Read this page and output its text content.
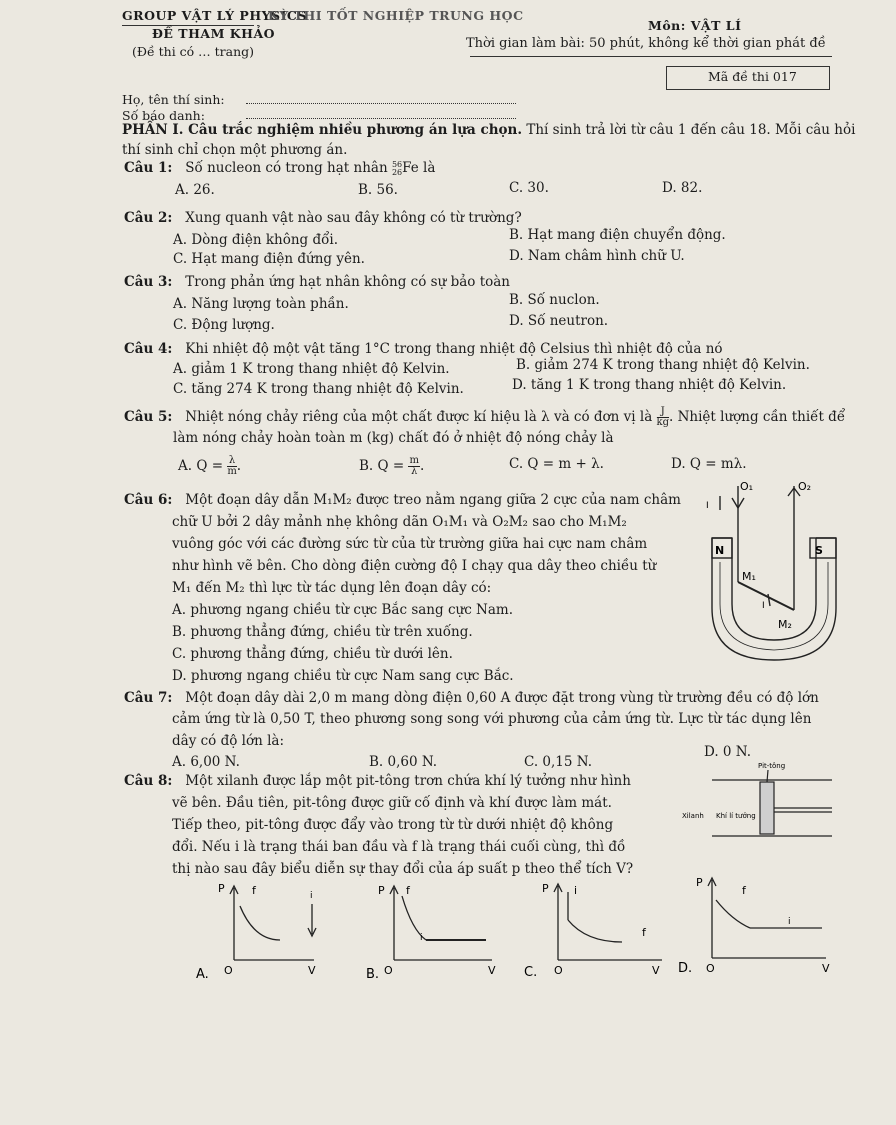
GROUP VẬT LÝ PHYSICS
KỲ THI TỐT NGHIỆP TRUNG HỌC
Môn: VẬT LÍ
ĐỀ THAM KHẢO
(Đề thi có … trang)
Thời gian làm bài: 50 phút, không kể thời gian phát đề
Mã đề thi 017
Họ, tên thí sinh:
Số báo danh:
PHẦN I. Câu trắc nghiệm nhiều phương án lựa chọn. Thí sinh trả lời từ câu 1 đến câu 18. Mỗi câu hỏi
thí sinh chỉ chọn một phương án.
Câu 1: Số nucleon có trong hạt nhân 56
26 Fe là
A. 26.	B. 56.	C. 30.	D. 82.
Câu 2: Xung quanh vật nào sau đây không có từ trường?
A. Dòng điện không đổi.	B. Hạt mang điện chuyển động.
C. Hạt mang điện đứng yên.	D. Nam châm hình chữ U.
Câu 3: Trong phản ứng hạt nhân không có sự bảo toàn
A. Năng lượng toàn phần.	B. Số nuclon.
C. Động lượng.	D. Số neutron.
Câu 4: Khi nhiệt độ một vật tăng 1°C trong thang nhiệt độ Celsius thì nhiệt độ của nó
A. giảm 1 K trong thang nhiệt độ Kelvin.	B. giảm 274 K trong thang nhiệt độ Kelvin.
C. tăng 274 K trong thang nhiệt độ Kelvin.	D. tăng 1 K trong thang nhiệt độ Kelvin.
Câu 5: Nhiệt nóng chảy riêng của một chất được kí hiệu là λ và có đơn vị là $\frac{J}{kg}$ . Nhiệt lượng cần thiết để
làm nóng chảy hoàn toàn m (kg) chất đó ở nhiệt độ nóng chảy là
A. $Q = \frac{\lambda}{m}$ .	B. $Q = \frac{m}{\lambda}$ .	C. Q = m + λ.	D. Q = mλ.
Câu 6: Một đoạn dây dẫn M₁M₂ được treo nằm ngang giữa 2 cực của nam châm
chữ U bởi 2 dây mảnh nhẹ không dãn O₁M₁ và O₂M₂ sao cho M₁M₂
vuông góc với các đường sức từ của từ trường giữa hai cực nam châm
như hình vẽ bên. Cho dòng điện cường độ I chạy qua dây theo chiều từ
M₁ đến M₂ thì lực từ tác dụng lên đoạn dây có:
A. phương ngang chiều từ cực Bắc sang cực Nam.
B. phương thẳng đứng, chiều từ trên xuống.
C. phương thẳng đứng, chiều từ dưới lên.
D. phương ngang chiều từ cực Nam sang cực Bắc.
O₁	O₂
I
N	S
M₁
M₂
I
Câu 7: Một đoạn dây dài 2,0 m mang dòng điện 0,60 A được đặt trong vùng từ trường đều có độ lớn
cảm ứng từ là 0,50 T, theo phương song song với phương của cảm ứng từ. Lực từ tác dụng lên
dây có độ lớn là:
A. 6,00 N.	B. 0,60 N.	C. 0,15 N.
D. 0 N.
Câu 8: Một xilanh được lắp một pit-tông trơn chứa khí lý tưởng như hình
vẽ bên. Đầu tiên, pit-tông được giữ cố định và khí được làm mát.
Tiếp theo, pit-tông được đẩy vào trong từ từ dưới nhiệt độ không
đổi. Nếu i là trạng thái ban đầu và f là trạng thái cuối cùng, thì đồ
thị nào sau đây biểu diễn sự thay đổi của áp suất p theo thể tích V?
Pit-tông
Xilanh Khí lí tưởng
P f	i
A. O	V
P f
i
B. O	V
P i
f
C. O	V
P
f
i
D. O	V
